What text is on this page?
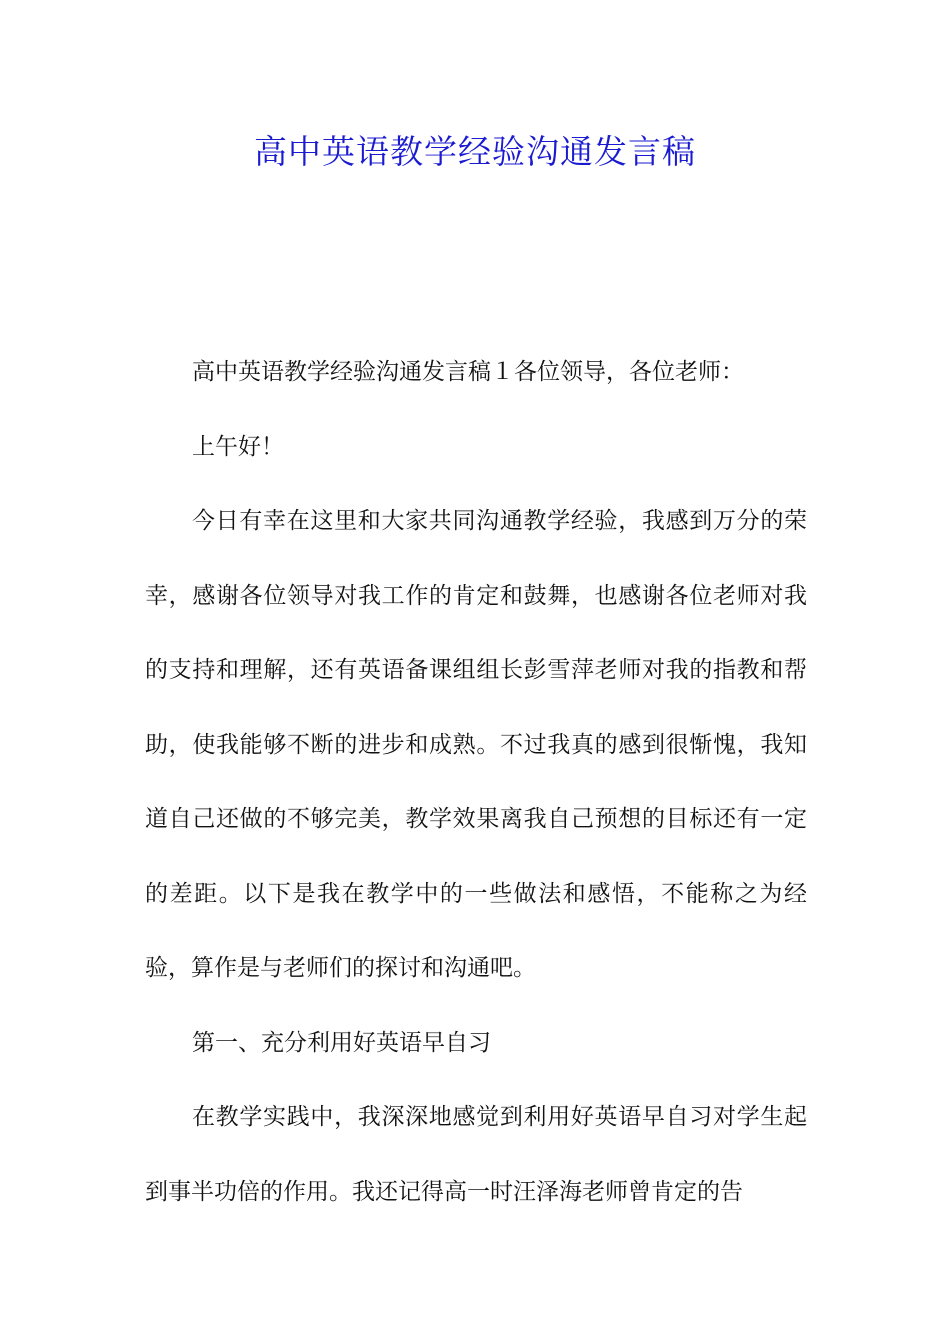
高中英语教学经验沟通发言稿

高中英语教学经验沟通发言稿１各位领导，各位老师：

上午好！

今日有幸在这里和大家共同沟通教学经验，我感到万分的荣幸，感谢各位领导对我工作的肯定和鼓舞，也感谢各位老师对我的支持和理解，还有英语备课组组长彭雪萍老师对我的指教和帮助，使我能够不断的进步和成熟。不过我真的感到很惭愧，我知道自己还做的不够完美，教学效果离我自己预想的目标还有一定的差距。以下是我在教学中的一些做法和感悟，不能称之为经验，算作是与老师们的探讨和沟通吧。

第一、充分利用好英语早自习

在教学实践中，我深深地感觉到利用好英语早自习对学生起到事半功倍的作用。我还记得高一时汪泽海老师曾肯定的告
